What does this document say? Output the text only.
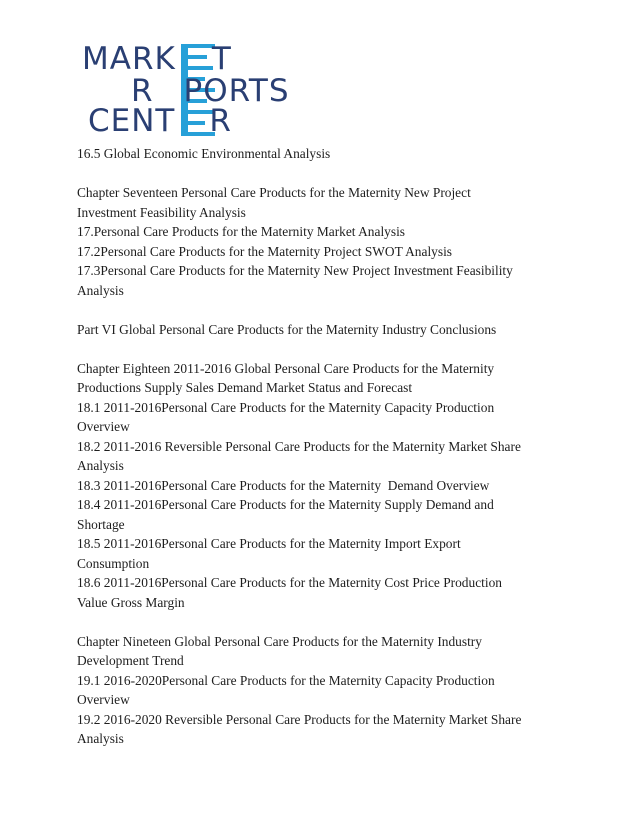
MARK T
R PORTS
CENT R

16.5 Global Economic Environmental Analysis

Chapter Seventeen Personal Care Products for the Maternity New Project

Investment Feasibility Analysis

17.Personal Care Products for the Maternity Market Analysis

17.2Personal Care Products for the Maternity Project SWOT Analysis

17.3Personal Care Products for the Maternity New Project Investment Feasibility

Analysis

Part VI Global Personal Care Products for the Maternity Industry Conclusions

Chapter Eighteen 2011-2016 Global Personal Care Products for the Maternity

Productions Supply Sales Demand Market Status and Forecast

18.1 2011-2016Personal Care Products for the Maternity Capacity Production

Overview

18.2 2011-2016 Reversible Personal Care Products for the Maternity Market Share

Analysis

18.3 2011-2016Personal Care Products for the Maternity  Demand Overview

18.4 2011-2016Personal Care Products for the Maternity Supply Demand and

Shortage

18.5 2011-2016Personal Care Products for the Maternity Import Export

Consumption

18.6 2011-2016Personal Care Products for the Maternity Cost Price Production

Value Gross Margin

Chapter Nineteen Global Personal Care Products for the Maternity Industry

Development Trend

19.1 2016-2020Personal Care Products for the Maternity Capacity Production

Overview

19.2 2016-2020 Reversible Personal Care Products for the Maternity Market Share

Analysis
